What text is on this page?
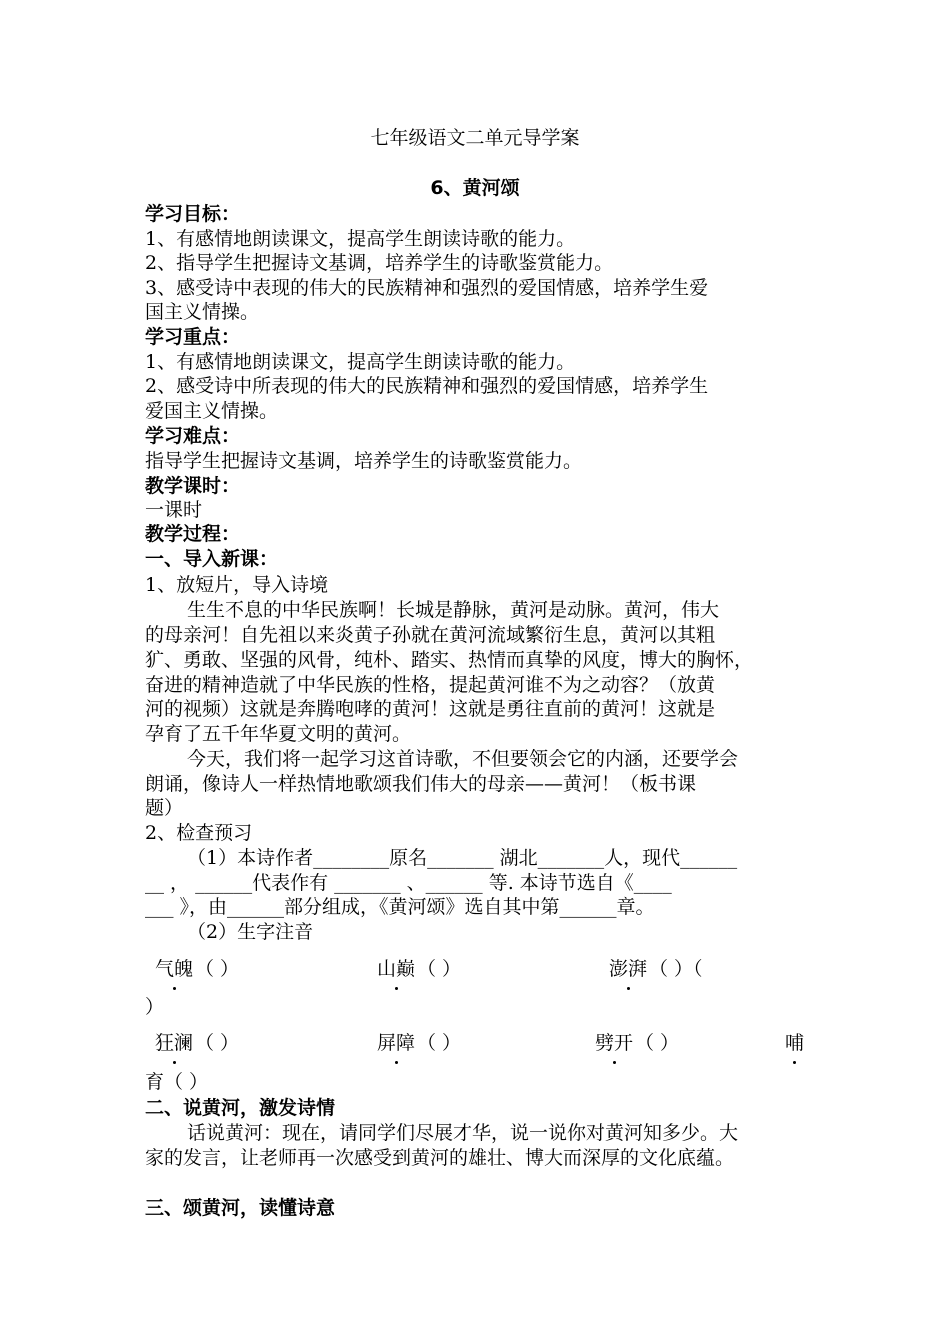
七年级语文二单元导学案
6、黄河颂
学习目标：
1、有感情地朗读课文，提高学生朗读诗歌的能力。
2、指导学生把握诗文基调，培养学生的诗歌鉴赏能力。
3、感受诗中表现的伟大的民族精神和强烈的爱国情感，培养学生爱
国主义情操。
学习重点：
1、有感情地朗读课文，提高学生朗读诗歌的能力。
2、感受诗中所表现的伟大的民族精神和强烈的爱国情感，培养学生
爱国主义情操。
学习难点：
指导学生把握诗文基调，培养学生的诗歌鉴赏能力。
教学课时：
一课时
教学过程：
一、导入新课：
1、放短片，导入诗境
生生不息的中华民族啊！长城是静脉，黄河是动脉。黄河，伟大
的母亲河！自先祖以来炎黄子孙就在黄河流域繁衍生息，黄河以其粗
犷、勇敢、坚强的风骨，纯朴、踏实、热情而真挚的风度，博大的胸怀，
奋进的精神造就了中华民族的性格，提起黄河谁不为之动容？（放黄
河的视频）这就是奔腾咆哮的黄河！这就是勇往直前的黄河！这就是
孕育了五千年华夏文明的黄河。
今天，我们将一起学习这首诗歌，不但要领会它的内涵，还要学会
朗诵，像诗人一样热情地歌颂我们伟大的母亲——黄河！（板书课
题）
2、检查预习
（1）本诗作者________原名_______ 湖北_______人，现代______
__ ， ______代表作有 _______ 、______ 等. 本诗节选自《____
___ 》，由______部分组成，《黄河颂》选自其中第______章。
（2）生字注音
气魄 （ ）	山巅 （ ）	澎湃 （ ）（
）
狂澜 （ ）	屏障 （ ）	劈开 （ ）	哺
育（ ）
二、说黄河，激发诗情
话说黄河：现在，请同学们尽展才华，说一说你对黄河知多少。大
家的发言，让老师再一次感受到黄河的雄壮、博大而深厚的文化底蕴。
三、颂黄河，读懂诗意
